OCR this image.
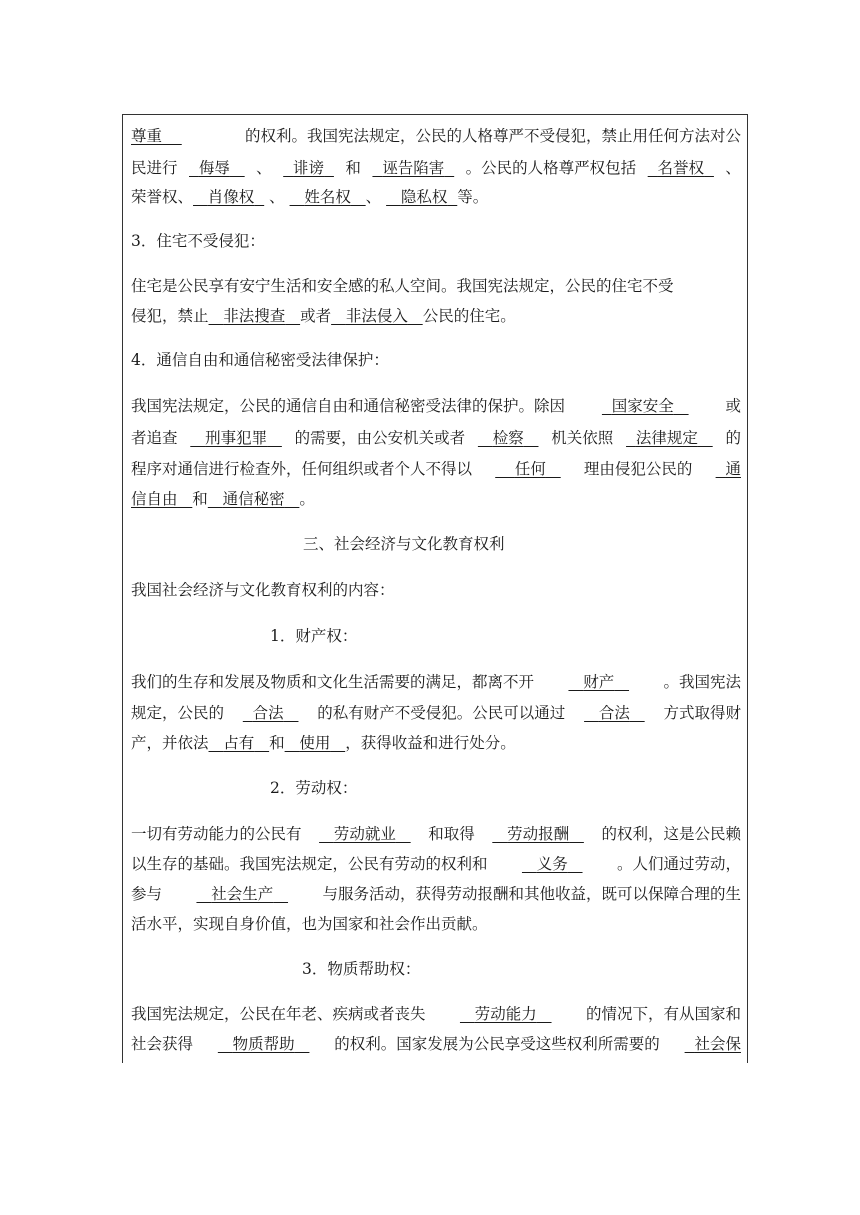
尊重	的权利。我国宪法规定，公民的人格尊严不受侵犯，禁止用任何方法对公
民进行	侮辱	、	诽谤	和	诬告陷害	。公民的人格尊严权包括	名誉权	、
荣誉权、 肖像权 、 姓名权 、 隐私权 等。
3．住宅不受侵犯：
住宅是公民享有安宁生活和安全感的私人空间。我国宪法规定，公民的住宅不受
侵犯，禁止 非法搜查 或者 非法侵入 公民的住宅。
4．通信自由和通信秘密受法律保护：
我国宪法规定，公民的通信自由和通信秘密受法律的保护。除因	国家安全	或
者追查	刑事犯罪	的需要，由公安机关或者	检察	机关依照	法律规定	的
程序对通信进行检查外，任何组织或者个人不得以	任何	理由侵犯公民的	通
信自由 和 通信秘密 。
三、社会经济与文化教育权利
我国社会经济与文化教育权利的内容：
1．财产权：
我们的生存和发展及物质和文化生活需要的满足，都离不开	财产	。我国宪法
规定，公民的	合法	的私有财产不受侵犯。公民可以通过	合法	方式取得财
产，并依法 占有 和 使用 ，获得收益和进行处分。
2．劳动权：
一切有劳动能力的公民有	劳动就业	和取得	劳动报酬	的权利，这是公民赖
以生存的基础。我国宪法规定，公民有劳动的权利和	义务	。人们通过劳动，
参与	社会生产	与服务活动，获得劳动报酬和其他收益，既可以保障合理的生
活水平，实现自身价值，也为国家和社会作出贡献。
3．物质帮助权：
我国宪法规定，公民在年老、疾病或者丧失	劳动能力	的情况下，有从国家和
社会获得	物质帮助	的权利。国家发展为公民享受这些权利所需要的	社会保
